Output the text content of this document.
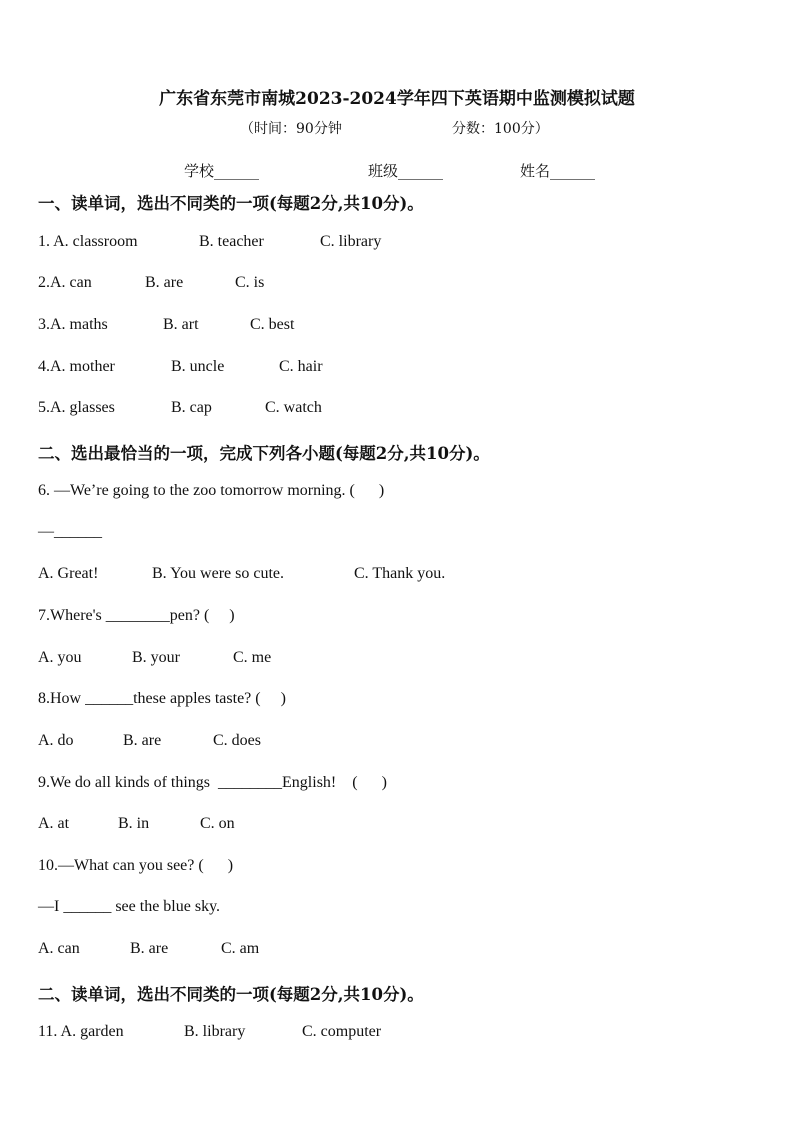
广东省东莞市南城2023-2024学年四下英语期中监测模拟试题
（时间：90分钟	分数：100分）
学校______	班级______	姓名______
一、读单词，选出不同类的一项(每题2分,共10分)。
1. A. classroom	B. teacher	C. library
2.A. can	B. are	C. is
3.A. maths	B. art	C. best
4.A. mother	B. uncle	C. hair
5.A. glasses	B. cap	C. watch
二、选出最恰当的一项，完成下列各小题(每题2分,共10分)。
6. —We’re going to the zoo tomorrow morning. (      )
—______
A. Great!	B. You were so cute.	C. Thank you.
7.Where's ________pen? (     )
A. you	B. your	C. me
8.How ______these apples taste? (     )
A. do	B. are	C. does
9.We do all kinds of things  ________English!    (      )
A. at	B. in	C. on
10.—What can you see? (      )
—I ______ see the blue sky.
A. can	B. are	C. am
二、读单词，选出不同类的一项(每题2分,共10分)。
11. A. garden	B. library	C. computer
